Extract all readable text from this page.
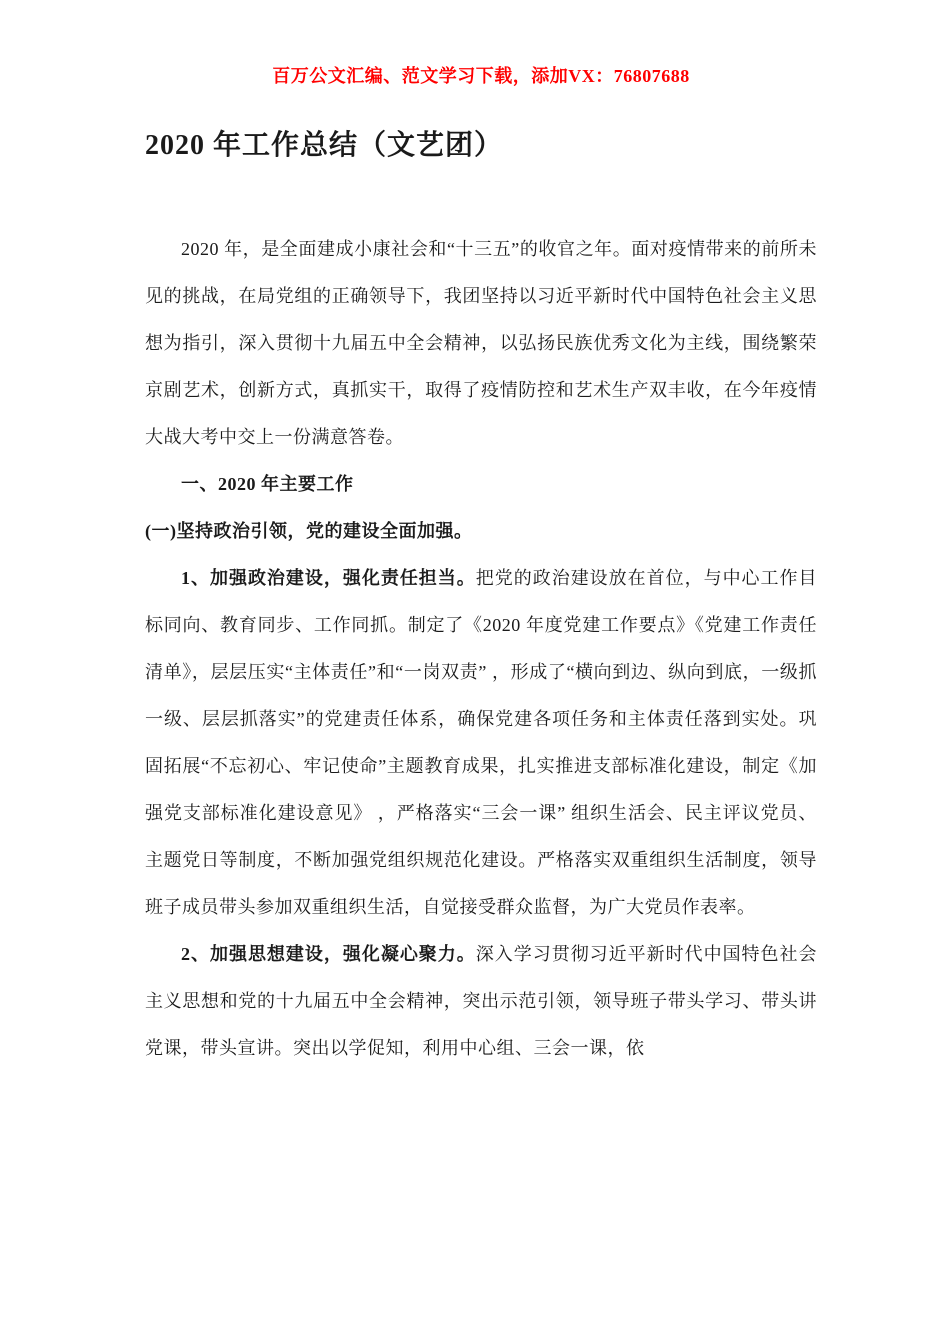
百万公文汇编、范文学习下载，添加VX：76807688
2020 年工作总结（文艺团）

2020 年，是全面建成小康社会和“十三五”的收官之年。面对疫情带来的前所未见的挑战，在局党组的正确领导下，我团坚持以习近平新时代中国特色社会主义思想为指引，深入贯彻十九届五中全会精神，以弘扬民族优秀文化为主线，围绕繁荣京剧艺术，创新方式，真抓实干，取得了疫情防控和艺术生产双丰收，在今年疫情大战大考中交上一份满意答卷。

一、2020 年主要工作

(一)坚持政治引领，党的建设全面加强。

1、加强政治建设，强化责任担当。把党的政治建设放在首位，与中心工作目标同向、教育同步、工作同抓。制定了《2020 年度党建工作要点》《党建工作责任清单》，层层压实“主体责任”和“一岗双责” ，形成了“横向到边、纵向到底，一级抓一级、层层抓落实”的党建责任体系，确保党建各项任务和主体责任落到实处。巩固拓展“不忘初心、牢记使命”主题教育成果，扎实推进支部标准化建设，制定《加强党支部标准化建设意见》 ，严格落实“三会一课” 组织生活会、民主评议党员、主题党日等制度，不断加强党组织规范化建设。严格落实双重组织生活制度，领导班子成员带头参加双重组织生活，自觉接受群众监督，为广大党员作表率。

2、加强思想建设，强化凝心聚力。深入学习贯彻习近平新时代中国特色社会主义思想和党的十九届五中全会精神，突出示范引领，领导班子带头学习、带头讲党课，带头宣讲。突出以学促知，利用中心组、三会一课，依
